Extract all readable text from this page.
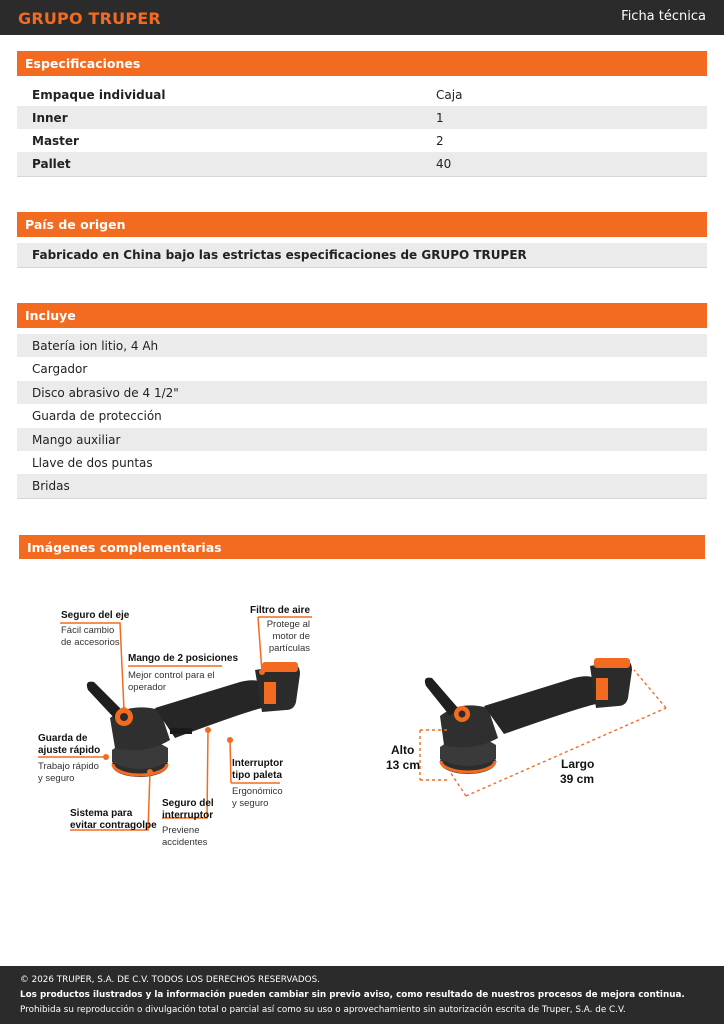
GRUPO TRUPER	Ficha técnica
Especificaciones
Empaque individual	Caja
Inner	1
Master	2
Pallet	40
País de origen
Fabricado en China bajo las estrictas especificaciones de GRUPO TRUPER
Incluye
Batería ion litio, 4 Ah
Cargador
Disco abrasivo de 4 1/2"
Guarda de protección
Mango auxiliar
Llave de dos puntas
Bridas
Imágenes complementarias
Seguro del eje
Fácil cambio
de accesorios
Mango de 2 posiciones
Mejor control para el
operador
Filtro de aire
Protege al
motor de
partículas
Guarda de
ajuste rápido
Trabajo rápido
y seguro
Interruptor
tipo paleta
Ergonómico
y seguro
Sistema para
evitar contragolpe
Seguro del
interruptor
Previene
accidentes
Alto
13 cm	Largo
39 cm

© 2026 TRUPER, S.A. DE C.V. TODOS LOS DERECHOS RESERVADOS.

Los productos ilustrados y la información pueden cambiar sin previo aviso, como resultado de nuestros procesos de mejora continua.

Prohibida su reproducción o divulgación total o parcial así como su uso o aprovechamiento sin autorización escrita de Truper, S.A. de C.V.
